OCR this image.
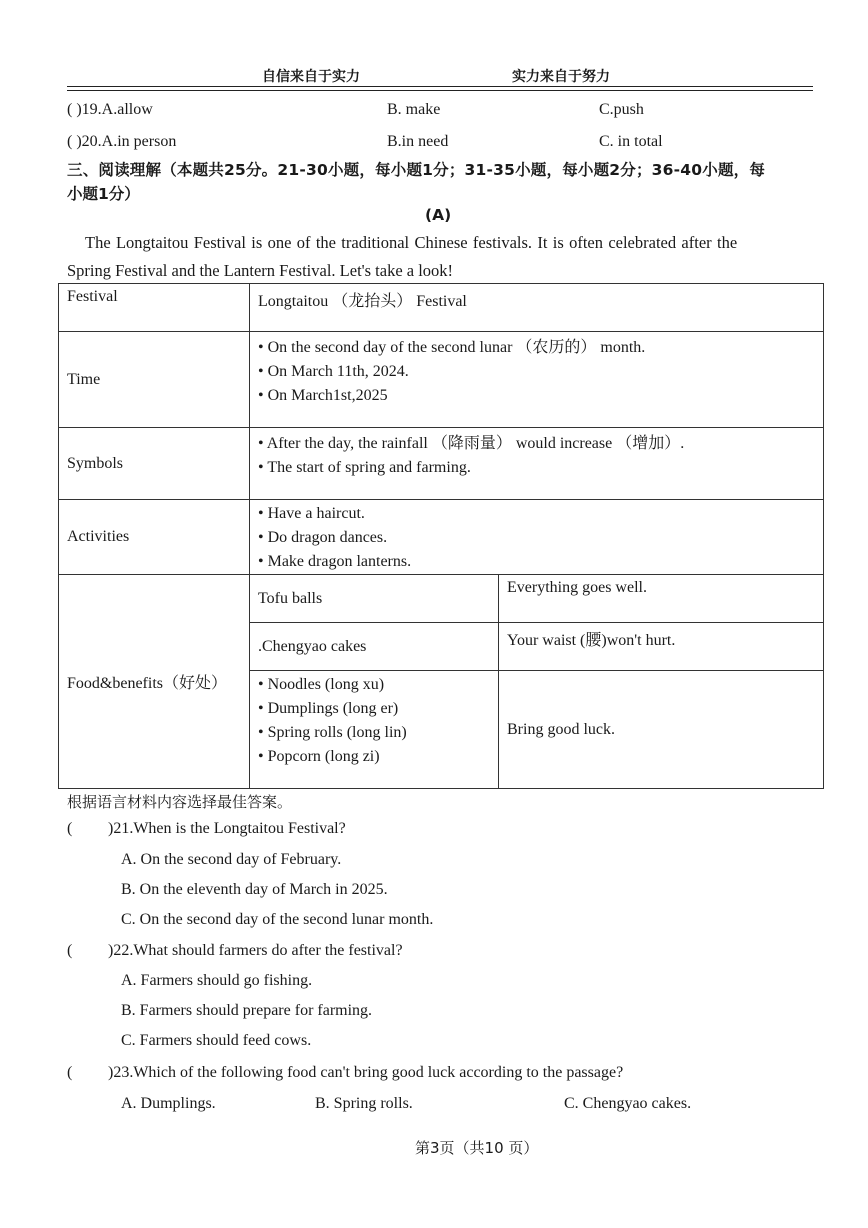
自信来自于实力	实力来自于努力
( )19.A.allow	B. make	C.push
( )20.A.in person	B.in need	C. in total
三、阅读理解（本题共25分。21-30小题，每小题1分；31-35小题，每小题2分；36-40小题，每
小题1分）
(A)
The Longtaitou Festival is one of the traditional Chinese festivals. It is often celebrated after the
Spring Festival and the Lantern Festival. Let's take a look!
Festival	Longtaitou （龙抬头） Festival	
Time	• On the second day of the second lunar （农历的） month.
• On March 11th, 2024.
• On March1st,2025	

Symbols	• After the day, the rainfall （降雨量） would increase （增加）.
• The start of spring and farming.	

Activities	• Have a haircut.
• Do dragon dances.
• Make dragon lanterns.	

Food&benefits（好处）	Tofu balls	Everything goes well.
	.Chengyao cakes	Your waist (腰)won't hurt.

	• Noodles (long xu)
• Dumplings (long er)
• Spring rolls (long lin)
• Popcorn (long zi)	Bring good luck.
根据语言材料内容选择最佳答案。
( )21.When is the Longtaitou Festival?
A. On the second day of February.
B. On the eleventh day of March in 2025.
C. On the second day of the second lunar month.
( )22.What should farmers do after the festival?
A. Farmers should go fishing.
B. Farmers should prepare for farming.
C. Farmers should feed cows.
( )23.Which of the following food can't bring good luck according to the passage?
A. Dumplings.	B. Spring rolls.	C. Chengyao cakes.
第3页（共10 页）
